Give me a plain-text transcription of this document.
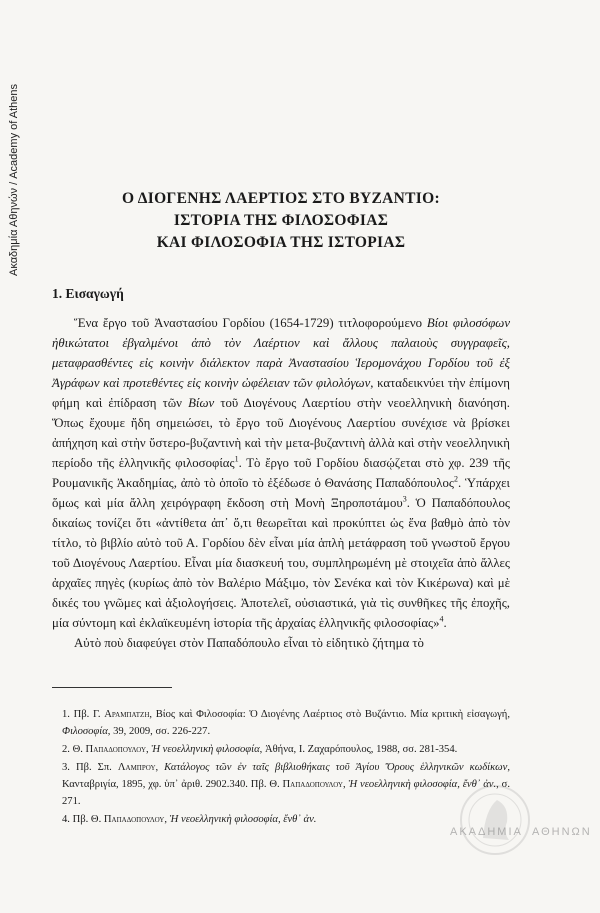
Ακαδημία Αθηνών / Academy of Athens	Ο ΔΙΟΓΕΝΗΣ ΛΑΕΡΤΙΟΣ ΣΤΟ ΒΥΖΑΝΤΙΟ:
ΙΣΤΟΡΙΑ ΤΗΣ ΦΙΛΟΣΟΦΙΑΣ
ΚΑΙ ΦΙΛΟΣΟΦΙΑ ΤΗΣ ΙΣΤΟΡΙΑΣ
1. Εισαγωγή

Ἕνα ἔργο τοῦ Ἀναστασίου Γορδίου (1654-1729) τιτλοφορούμενο Βίοι φιλοσόφων ἠθικώτατοι ἐβγαλμένοι ἀπὸ τὸν Λαέρτιον καὶ ἄλλους παλαιοὺς συγγραφεῖς, μεταφρασθέντες εἰς κοινὴν διάλεκτον παρὰ Ἀναστασίου Ἱερομονάχου Γορδίου τοῦ ἐξ Ἀγράφων καὶ προτεθέντες εἰς κοινὴν ὠφέλειαν τῶν φιλολόγων, καταδεικνύει τὴν ἐπίμονη φήμη καὶ ἐπίδραση τῶν Βίων τοῦ Διογένους Λαερτίου στὴν νεοελληνικὴ διανόηση. Ὅπως ἔχουμε ἤδη σημειώσει, τὸ ἔργο τοῦ Διογένους Λαερτίου συνέχισε νὰ βρίσκει ἀπήχηση καὶ στὴν ὕστερο-βυζαντινὴ καὶ τὴν μετα-βυζαντινὴ ἀλλὰ καὶ στὴν νεοελληνικὴ περίοδο τῆς ἑλληνικῆς φιλοσοφίας$^1$. Τὸ ἔργο τοῦ Γορδίου διασῴζεται στὸ χφ. 239 τῆς Ρουμανικῆς Ἀκαδημίας, ἀπὸ τὸ ὁποῖο τὸ ἐξέδωσε ὁ Θανάσης Παπαδόπουλος$^2$. Ὑπάρχει ὅμως καὶ μία ἄλλη χειρόγραφη ἔκδοση στὴ Μονὴ Ξηροποτάμου$^3$. Ὁ Παπαδόπουλος δικαίως τονίζει ὅτι «ἀντίθετα ἀπ᾿ ὅ,τι θεωρεῖται καὶ προκύπτει ὡς ἕνα βαθμὸ ἀπὸ τὸν τίτλο, τὸ βιβλίο αὐτὸ τοῦ Α. Γορδίου δὲν εἶναι μία ἁπλὴ μετάφραση τοῦ γνωστοῦ ἔργου τοῦ Διογένους Λαερτίου. Εἶναι μία διασκευή του, συμπληρωμένη μὲ στοιχεῖα ἀπὸ ἄλλες ἀρχαῖες πηγὲς (κυρίως ἀπὸ τὸν Βαλέριο Μάξιμο, τὸν Σενέκα καὶ τὸν Κικέρωνα) καὶ μὲ δικές του γνῶμες καὶ ἀξιολογήσεις. Ἀποτελεῖ, οὐσιαστικά, γιὰ τὶς συνθῆκες τῆς ἐποχῆς, μία σύντομη καὶ ἐκλαϊκευμένη ἱστορία τῆς ἀρχαίας ἑλληνικῆς φιλοσοφίας»$^4$.

Αὐτὸ ποὺ διαφεύγει στὸν Παπαδόπουλο εἶναι τὸ εἰδητικὸ ζήτημα τὸ

1. Πβ. Γ. Αραμπατζη, Βίος καὶ Φιλοσοφία: Ὁ Διογένης Λαέρτιος στὸ Βυζάντιο. Μία κριτικὴ εἰσαγωγή, Φιλοσοφία, 39, 2009, σσ. 226-227.

2. Θ. Παπαδοπουλου, Ἡ νεοελληνικὴ φιλοσοφία, Ἀθήνα, Ι. Ζαχαρόπουλος, 1988, σσ. 281-354.

3. Πβ. Σπ. Λαμπρου, Κατάλογος τῶν ἐν ταῖς βιβλιοθήκαις τοῦ Ἁγίου Ὄρους ἑλληνικῶν κωδίκων, Κανταβριγία, 1895, χφ. ὑπ᾿ ἀριθ. 2902.340. Πβ. Θ. Παπαδοπουλου, Ἡ νεοελληνικὴ φιλοσοφία, ἔνθ᾿ ἀν., σ. 271.

4. Πβ. Θ. Παπαδοπουλου, Ἡ νεοελληνικὴ φιλοσοφία, ἔνθ᾿ ἀν.

ΑΚΑΔΗΜΙΑ ΑΘΗΝΩΝ
